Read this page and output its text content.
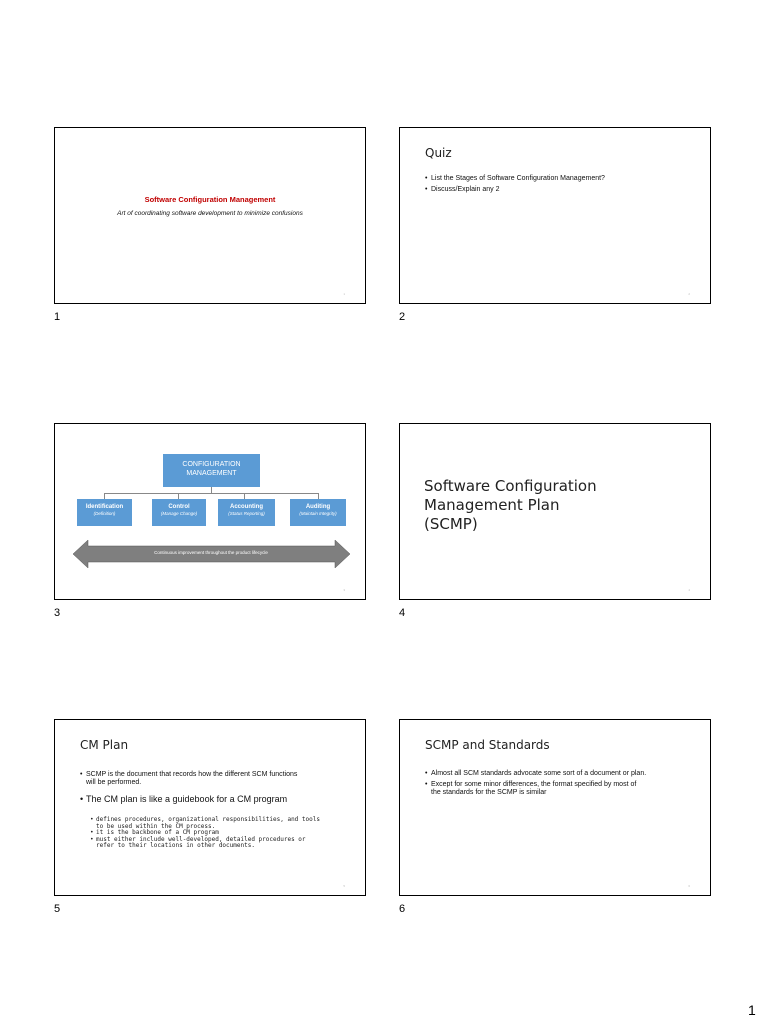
Software Configuration Management
Art of coordinating software development to minimize confusions
1
1
Quiz
• List the Stages of Software Configuration Management?
• Discuss/Explain any 2
2
2
CONFIGURATION
MANAGEMENT
Identification
(Definition)
Control
(Manage Change)
Accounting
(Status Reporting)
Auditing
(Maintain Integrity)
Continuous improvement throughout the product lifecycle
3
3
Software Configuration
Management Plan
(SCMP)
4
4
CM Plan
• SCMP is the document that records how the different SCM functions
will be performed.
• The CM plan is like a guidebook for a CM program
• defines procedures, organizational responsibilities, and tools
to be used within the CM process.
• it is the backbone of a CM program
• must either include well-developed, detailed procedures or
refer to their locations in other documents.
5
5
SCMP and Standards
• Almost all SCM standards advocate some sort of a document or plan.
• Except for some minor differences, the format specified by most of
the standards for the SCMP is similar
6
6
1
